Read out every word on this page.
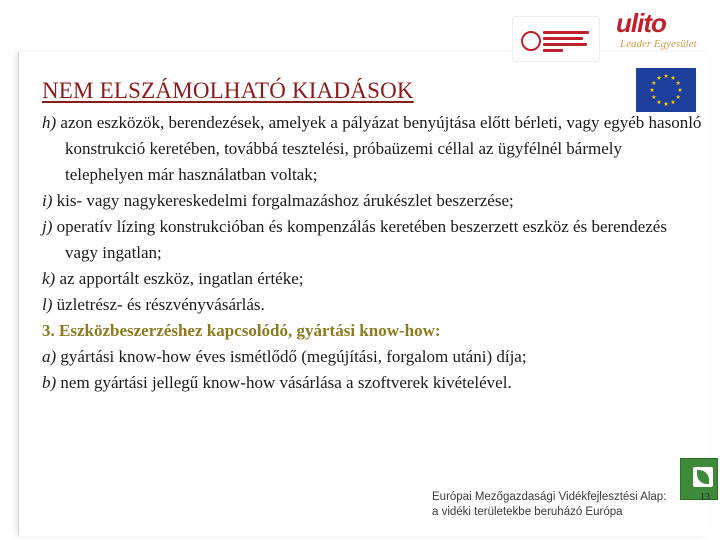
ulito
Leader Egyesület
NEM ELSZÁMOLHATÓ KIADÁSOK

h) azon eszközök, berendezések, amelyek a pályázat benyújtása előtt bérleti, vagy egyéb hasonló konstrukció keretében, továbbá tesztelési, próbaüzemi céllal az ügyfélnél bármely telephelyen már használatban voltak;

i) kis- vagy nagykereskedelmi forgalmazáshoz árukészlet beszerzése;

j) operatív lízing konstrukcióban és kompenzálás keretében beszerzett eszköz és berendezés vagy ingatlan;

k) az apportált eszköz, ingatlan értéke;

l) üzletrész- és részvényvásárlás.

3. Eszközbeszerzéshez kapcsolódó, gyártási know-how:

a) gyártási know-how éves ismétlődő (megújítási, forgalom utáni) díja;

b) nem gyártási jellegű know-how vásárlása a szoftverek kivételével.

Európai Mezőgazdasági Vidékfejlesztési Alap:
a vidéki területekbe beruházó Európa
13
